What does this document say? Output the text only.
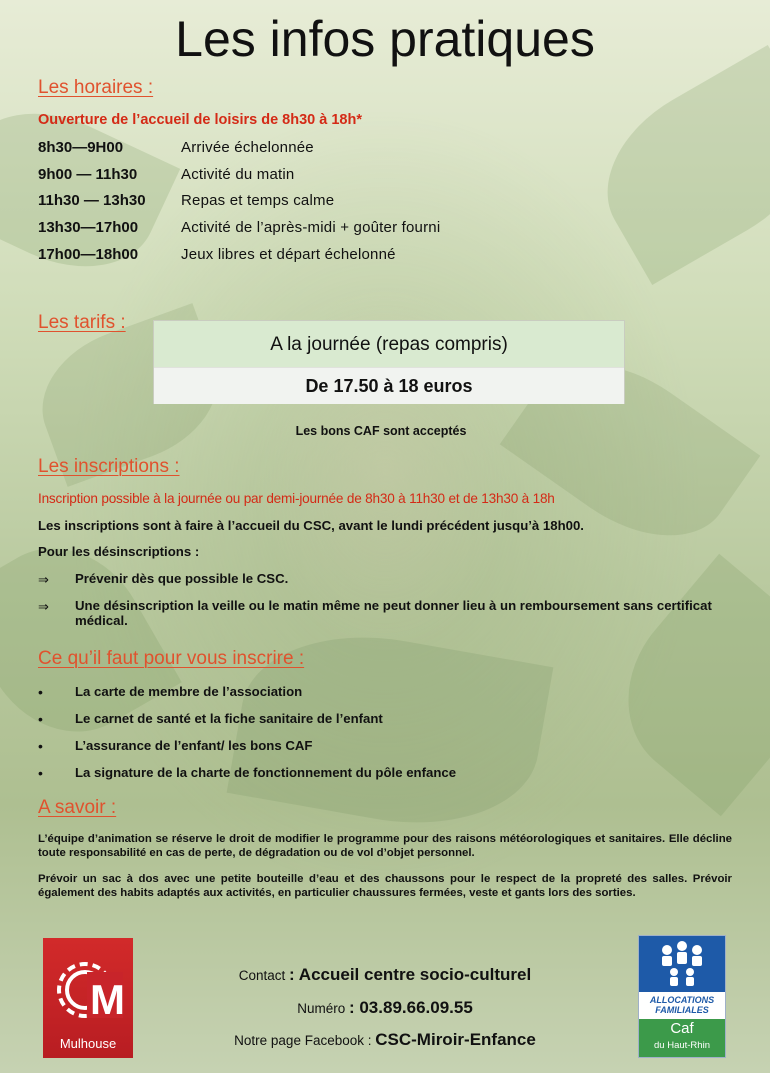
Les infos pratiques
Les horaires :
Ouverture de l’accueil de loisirs de 8h30 à 18h*
8h30—9H00	Arrivée échelonnée
9h00 — 11h30	Activité du matin
11h30 — 13h30 Repas et temps calme
13h30—17h00	Activité de l’après-midi + goûter fourni
17h00—18h00	Jeux libres et départ échelonné
Les tarifs :
A la journée (repas compris)
De 17.50 à 18 euros
Les bons CAF sont acceptés
Les inscriptions :
Inscription possible à la journée ou par demi-journée de 8h30 à 11h30 et de 13h30 à 18h
Les inscriptions sont à faire à l’accueil du CSC, avant le lundi précédent jusqu’à 18h00.
Pour les désinscriptions :
⇒ Prévenir dès que possible le CSC.
⇒ Une désinscription la veille ou le matin même ne peut donner lieu à un remboursement sans certificat médical.
Ce qu’il faut pour vous inscrire :
• La carte de membre de l’association
• Le carnet de santé et la fiche sanitaire de l’enfant
• L’assurance de l’enfant/ les bons CAF
• La signature de la charte de fonctionnement du pôle enfance
A savoir :
L’équipe d’animation se réserve le droit de modifier le programme pour des raisons météorologiques et sanitaires. Elle décline toute responsabilité en cas de perte, de dégradation ou de vol d’objet personnel.
Prévoir un sac à dos avec une petite bouteille d’eau et des chaussons pour le respect de la propreté des salles. Prévoir également des habits adaptés aux activités, en particulier chaussures fermées, veste et gants lors des sorties.
M
Mulhouse
Contact : Accueil centre socio-culturel
Numéro : 03.89.66.09.55
Notre page Facebook : CSC-Miroir-Enfance
ALLOCATIONS
FAMILIALES
Caf
du Haut-Rhin
